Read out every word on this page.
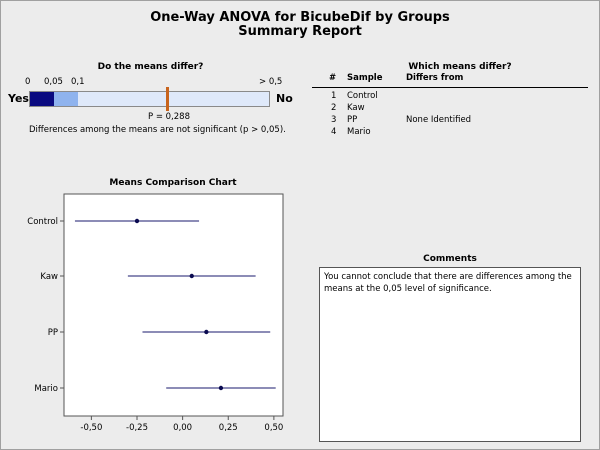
One-Way ANOVA for BicubeDif by Groups
Summary Report
Do the means differ?
0 0,05 0,1	> 0,5
Yes	No
P = 0,288
Differences among the means are not significant (p > 0,05).
Which means differ?
# Sample	Differs from
1 Control
2 Kaw
3 PP	None Identified
4 Mario
Means Comparison Chart
Control
Kaw
PP
Mario
-0,50	-0,25	0,00	0,25	0,50
Comments
You cannot conclude that there are differences among the means at the 0,05 level of significance.
